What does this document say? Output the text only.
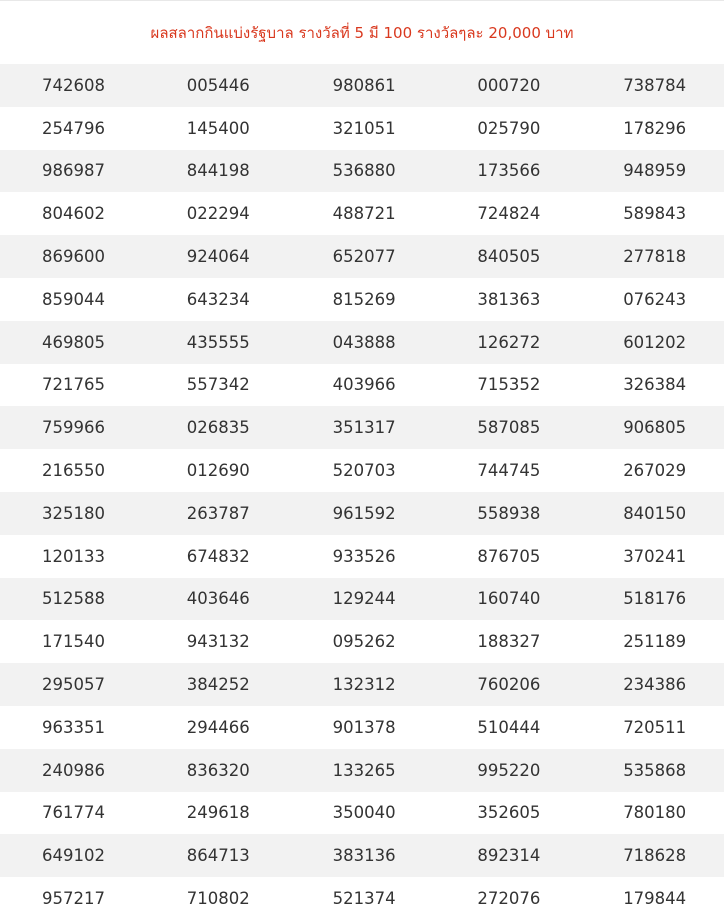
ผลสลากกินแบ่งรัฐบาล รางวัลที่ 5 มี 100 รางวัลๆละ 20,000 บาท				
742608	005446	980861	000720	738784
254796	145400	321051	025790	178296
986987	844198	536880	173566	948959
804602	022294	488721	724824	589843
869600	924064	652077	840505	277818
859044	643234	815269	381363	076243
469805	435555	043888	126272	601202
721765	557342	403966	715352	326384
759966	026835	351317	587085	906805
216550	012690	520703	744745	267029
325180	263787	961592	558938	840150
120133	674832	933526	876705	370241
512588	403646	129244	160740	518176
171540	943132	095262	188327	251189
295057	384252	132312	760206	234386
963351	294466	901378	510444	720511
240986	836320	133265	995220	535868
761774	249618	350040	352605	780180
649102	864713	383136	892314	718628
957217	710802	521374	272076	179844
